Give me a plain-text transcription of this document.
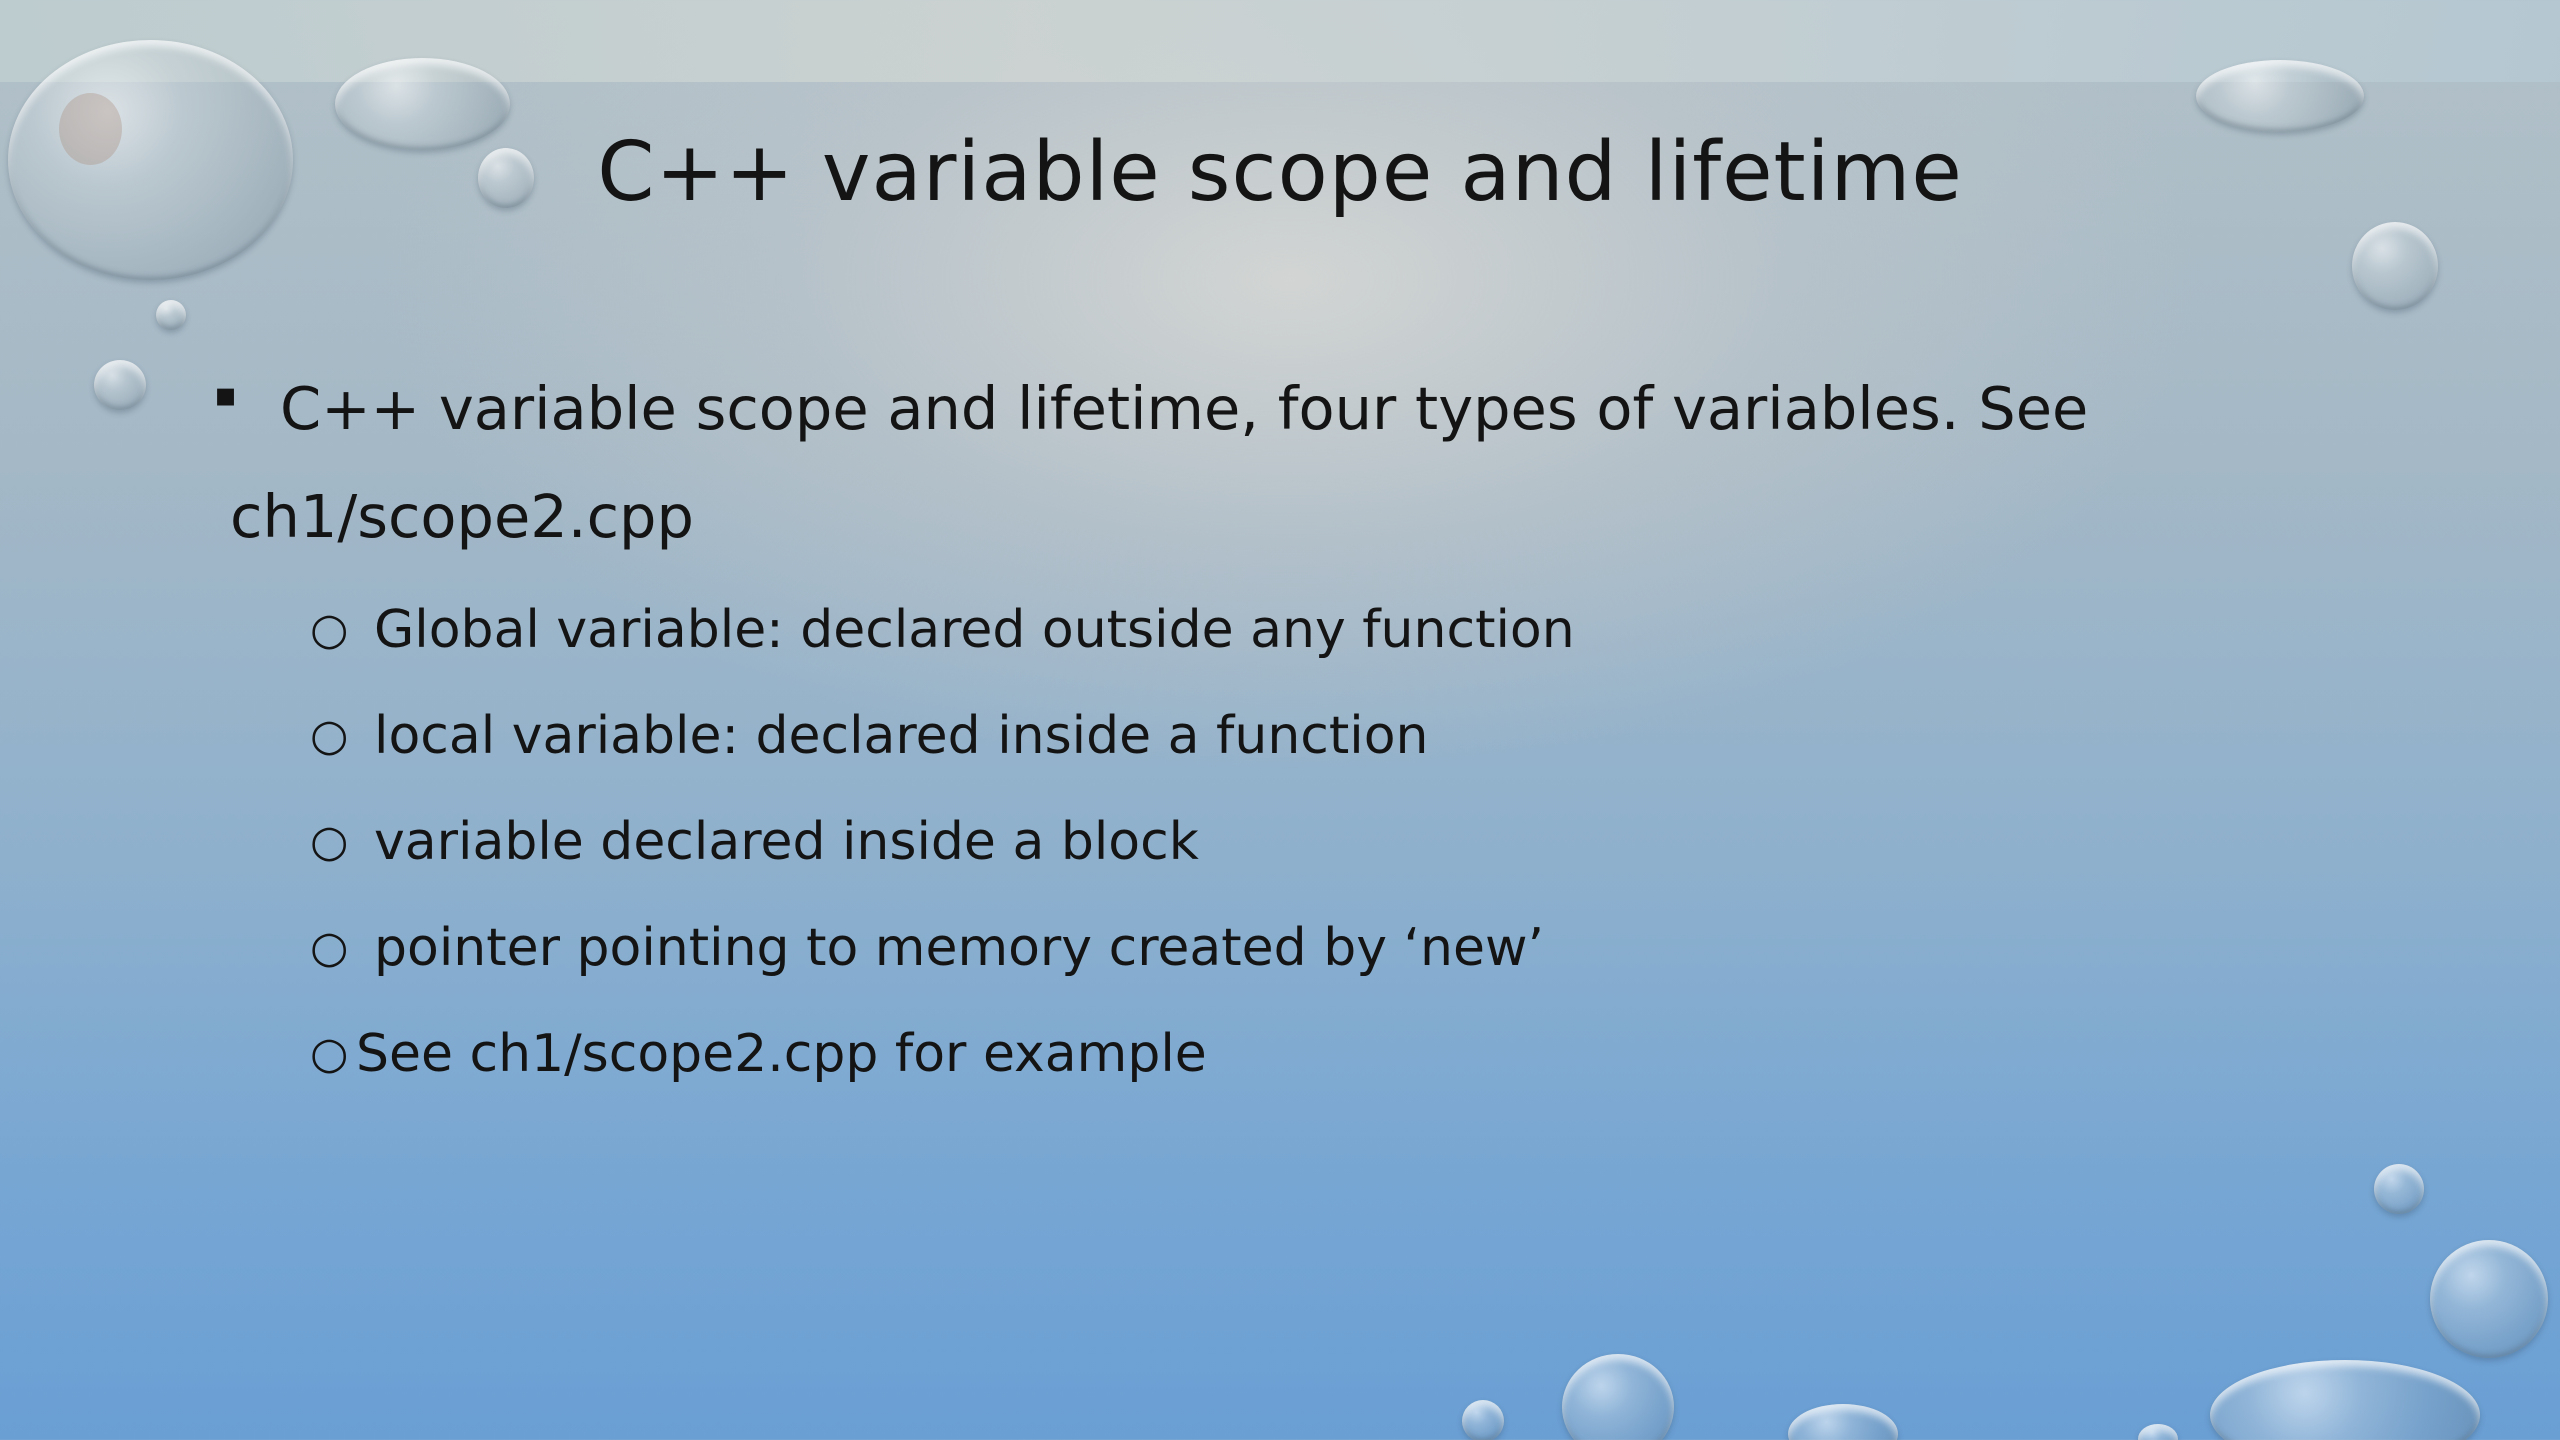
C++ variable scope and lifetime
▪ C++ variable scope and lifetime, four types of variables. See
ch1/scope2.cpp
○ Global variable: declared outside any function
○ local variable: declared inside a function
○ variable declared inside a block
○ pointer pointing to memory created by ‘new’
○ See ch1/scope2.cpp for example
